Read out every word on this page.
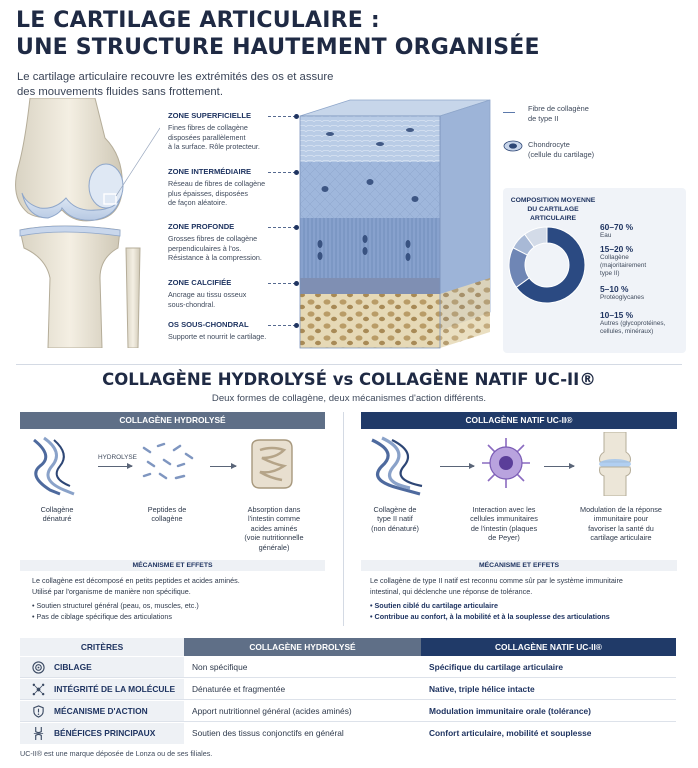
LE CARTILAGE ARTICULAIRE :
UNE STRUCTURE HAUTEMENT ORGANISÉE
Le cartilage articulaire recouvre les extrémités des os et assure
des mouvements fluides sans frottement.
ZONE SUPERFICIELLE
Fines fibres de collagène
disposées parallèlement
à la surface. Rôle protecteur.
ZONE INTERMÉDIAIRE
Réseau de fibres de collagène
plus épaisses, disposées
de façon aléatoire.
ZONE PROFONDE
Grosses fibres de collagène
perpendiculaires à l'os.
Résistance à la compression.
ZONE CALCIFIÉE
Ancrage au tissu osseux
sous-chondral.
OS SOUS-CHONDRAL
Supporte et nourrit le cartilage.
Fibre de collagène
de type II
Chondrocyte
(cellule du cartilage)
COMPOSITION MOYENNE
DU CARTILAGE ARTICULAIRE
60–70 %
Eau
15–20 %
Collagène
(majoritairement
type II)
5–10 %
Protéoglycanes
10–15 %
Autres (glycoprotéines,
cellules, minéraux)
COLLAGÈNE HYDROLYSÉ vs COLLAGÈNE NATIF UC-II®
Deux formes de collagène, deux mécanismes d'action différents.
COLLAGÈNE HYDROLYSÉ
HYDROLYSE
Collagène
dénaturé
Peptides de
collagène
Absorption dans
l'intestin comme
acides aminés
(voie nutritionnelle
générale)
MÉCANISME ET EFFETS
Le collagène est décomposé en petits peptides et acides aminés.
Utilisé par l'organisme de manière non spécifique.
• Soutien structurel général (peau, os, muscles, etc.)
• Pas de ciblage spécifique des articulations
COLLAGÈNE NATIF UC-II®
Collagène de
type II natif
(non dénaturé)
Interaction avec les
cellules immunitaires
de l'intestin (plaques
de Peyer)
Modulation de la réponse
immunitaire pour
favoriser la santé du
cartilage articulaire
MÉCANISME ET EFFETS
Le collagène de type II natif est reconnu comme sûr par le système immunitaire
intestinal, qui déclenche une réponse de tolérance.
• Soutien ciblé du cartilage articulaire
• Contribue au confort, à la mobilité et à la souplesse des articulations
CRITÈRES	COLLAGÈNE HYDROLYSÉ	COLLAGÈNE NATIF UC-II®
CIBLAGE	Non spécifique	Spécifique du cartilage articulaire
INTÉGRITÉ DE LA MOLÉCULE	Dénaturée et fragmentée	Native, triple hélice intacte
MÉCANISME D'ACTION	Apport nutritionnel général (acides aminés)	Modulation immunitaire orale (tolérance)
BÉNÉFICES PRINCIPAUX	Soutien des tissus conjonctifs en général	Confort articulaire, mobilité et souplesse
UC-II® est une marque déposée de Lonza ou de ses filiales.
